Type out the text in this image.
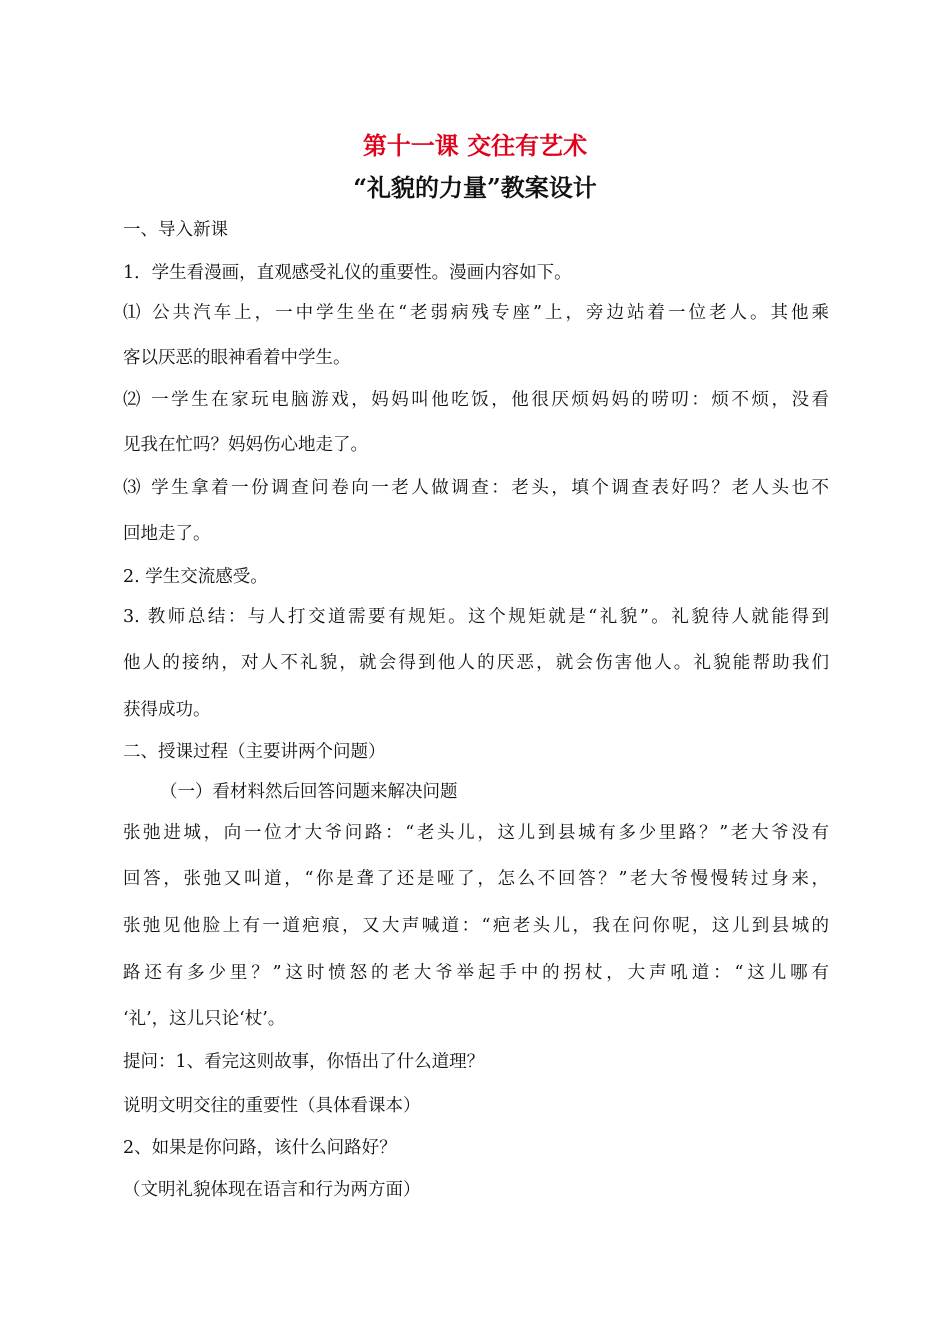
第十一课 交往有艺术
“礼貌的力量”教案设计
一、导入新课
1．学生看漫画，直观感受礼仪的重要性。漫画内容如下。
⑴ 公共汽车上，一中学生坐在“老弱病残专座”上，旁边站着一位老人。其他乘
客以厌恶的眼神看着中学生。
⑵ 一学生在家玩电脑游戏，妈妈叫他吃饭，他很厌烦妈妈的唠叨：烦不烦，没看
见我在忙吗？妈妈伤心地走了。
⑶ 学生拿着一份调查问卷向一老人做调查：老头，填个调查表好吗？老人头也不
回地走了。
2. 学生交流感受。
3. 教师总结：与人打交道需要有规矩。这个规矩就是“礼貌”。礼貌待人就能得到
他人的接纳，对人不礼貌，就会得到他人的厌恶，就会伤害他人。礼貌能帮助我们
获得成功。
二、授课过程（主要讲两个问题）
（一）看材料然后回答问题来解决问题
张弛进城，向一位才大爷问路：“老头儿，这儿到县城有多少里路？”老大爷没有
回答，张弛又叫道，“你是聋了还是哑了，怎么不回答？”老大爷慢慢转过身来，
张弛见他脸上有一道疤痕，又大声喊道：“疤老头儿，我在问你呢，这儿到县城的
路还有多少里？”这时愤怒的老大爷举起手中的拐杖，大声吼道：“这儿哪有
‘礼’，这儿只论‘杖’。
提问：1、看完这则故事，你悟出了什么道理？
说明文明交往的重要性（具体看课本）
2、如果是你问路，该什么问路好？
（文明礼貌体现在语言和行为两方面）
